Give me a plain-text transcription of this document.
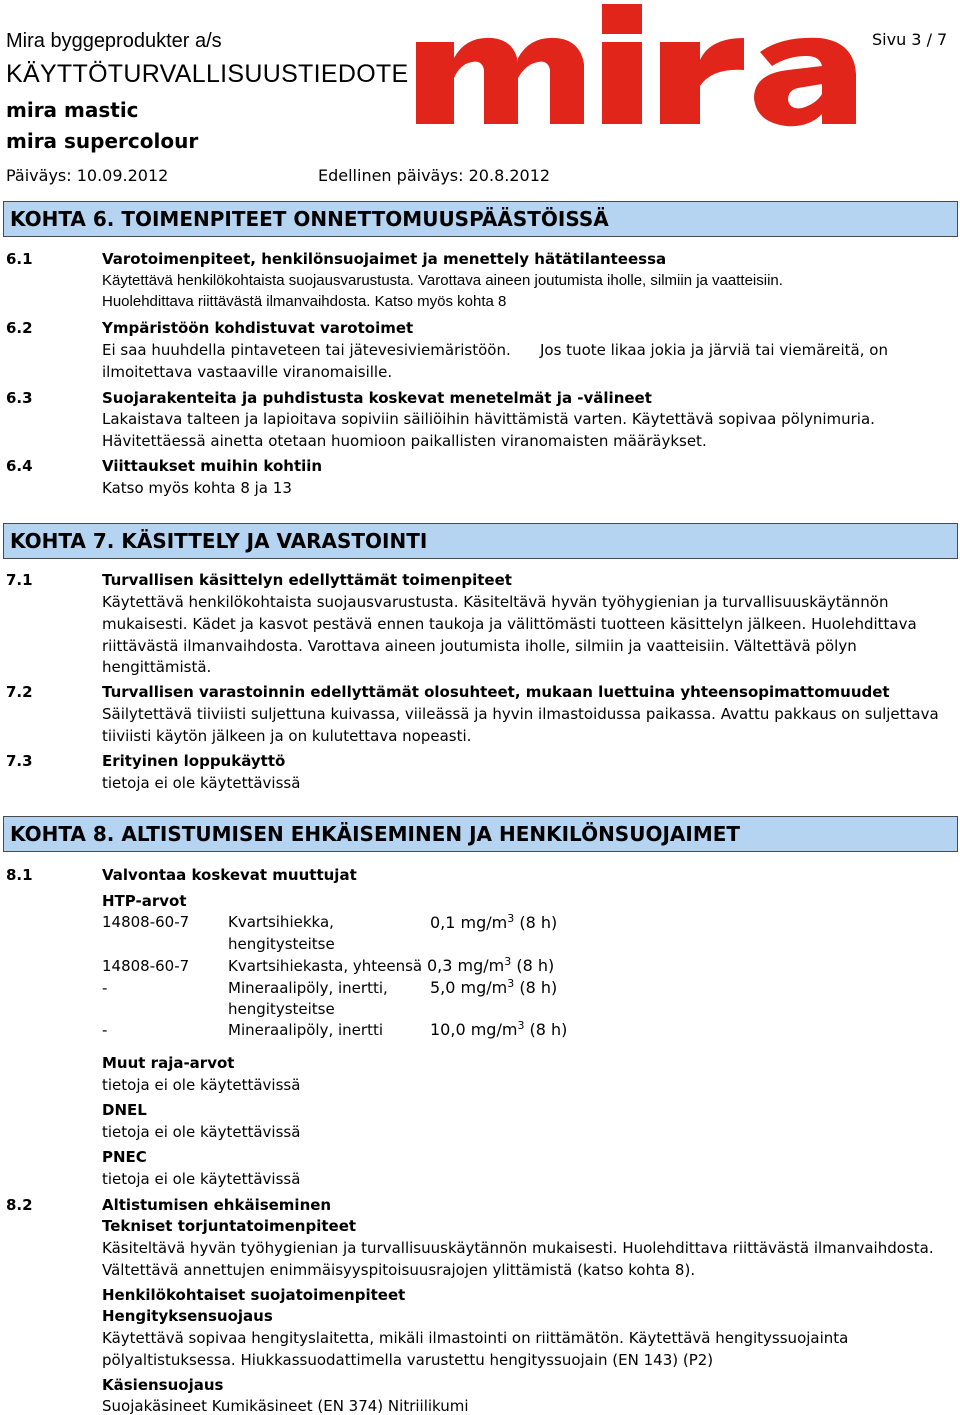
Mira byggeprodukter a/s
KÄYTTÖTURVALLISUUSTIEDOTE
mira mastic
mira supercolour
Sivu 3 / 7
Päiväys: 10.09.2012	Edellinen päiväys: 20.8.2012
KOHTA 6. TOIMENPITEET ONNETTOMUUSPÄÄSTÖISSÄ
6.1	Varotoimenpiteet, henkilönsuojaimet ja menettely hätätilanteessa
Käytettävä henkilökohtaista suojausvarustusta. Varottava aineen joutumista iholle, silmiin ja vaatteisiin.
Huolehdittava riittävästä ilmanvaihdosta. Katso myös kohta 8
6.2	Ympäristöön kohdistuvat varotoimet
Ei saa huuhdella pintaveteen tai jätevesiviemäristöön. Jos tuote likaa jokia ja järviä tai viemäreitä, on
ilmoitettava vastaaville viranomaisille.
6.3	Suojarakenteita ja puhdistusta koskevat menetelmät ja -välineet
Lakaistava talteen ja lapioitava sopiviin säiliöihin hävittämistä varten. Käytettävä sopivaa pölynimuria.
Hävitettäessä ainetta otetaan huomioon paikallisten viranomaisten määräykset.
6.4	Viittaukset muihin kohtiin
Katso myös kohta 8 ja 13
KOHTA 7. KÄSITTELY JA VARASTOINTI
7.1	Turvallisen käsittelyn edellyttämät toimenpiteet
Käytettävä henkilökohtaista suojausvarustusta. Käsiteltävä hyvän työhygienian ja turvallisuuskäytännön
mukaisesti. Kädet ja kasvot pestävä ennen taukoja ja välittömästi tuotteen käsittelyn jälkeen. Huolehdittava
riittävästä ilmanvaihdosta. Varottava aineen joutumista iholle, silmiin ja vaatteisiin. Vältettävä pölyn
hengittämistä.
7.2	Turvallisen varastoinnin edellyttämät olosuhteet, mukaan luettuina yhteensopimattomuudet
Säilytettävä tiiviisti suljettuna kuivassa, viileässä ja hyvin ilmastoidussa paikassa. Avattu pakkaus on suljettava
tiiviisti käytön jälkeen ja on kulutettava nopeasti.
7.3	Erityinen loppukäyttö
tietoja ei ole käytettävissä
KOHTA 8. ALTISTUMISEN EHKÄISEMINEN JA HENKILÖNSUOJAIMET
8.1	Valvontaa koskevat muuttujat
HTP-arvot
14808-60-7	Kvartsihiekka,
hengitysteitse
0,1 $mg/m^3$ (8 h)
14808-60-7	Kvartsihiekasta, yhteensä 0,3 $mg/m^3$ (8 h)
-	Mineraalipöly, inertti,
hengitysteitse
5,0 $mg/m^3$ (8 h)
-	Mineraalipöly, inertti	10,0 $mg/m^3$ (8 h)
Muut raja-arvot
tietoja ei ole käytettävissä
DNEL
tietoja ei ole käytettävissä
PNEC
tietoja ei ole käytettävissä
8.2	Altistumisen ehkäiseminen
Tekniset torjuntatoimenpiteet
Käsiteltävä hyvän työhygienian ja turvallisuuskäytännön mukaisesti. Huolehdittava riittävästä ilmanvaihdosta.
Vältettävä annettujen enimmäisyyspitoisuusrajojen ylittämistä (katso kohta 8).
Henkilökohtaiset suojatoimenpiteet
Hengityksensuojaus
Käytettävä sopivaa hengityslaitetta, mikäli ilmastointi on riittämätön. Käytettävä hengityssuojainta
pölyaltistuksessa. Hiukkassuodattimella varustettu hengityssuojain (EN 143) (P2)
Käsiensuojaus
Suojakäsineet Kumikäsineet (EN 374) Nitriilikumi
